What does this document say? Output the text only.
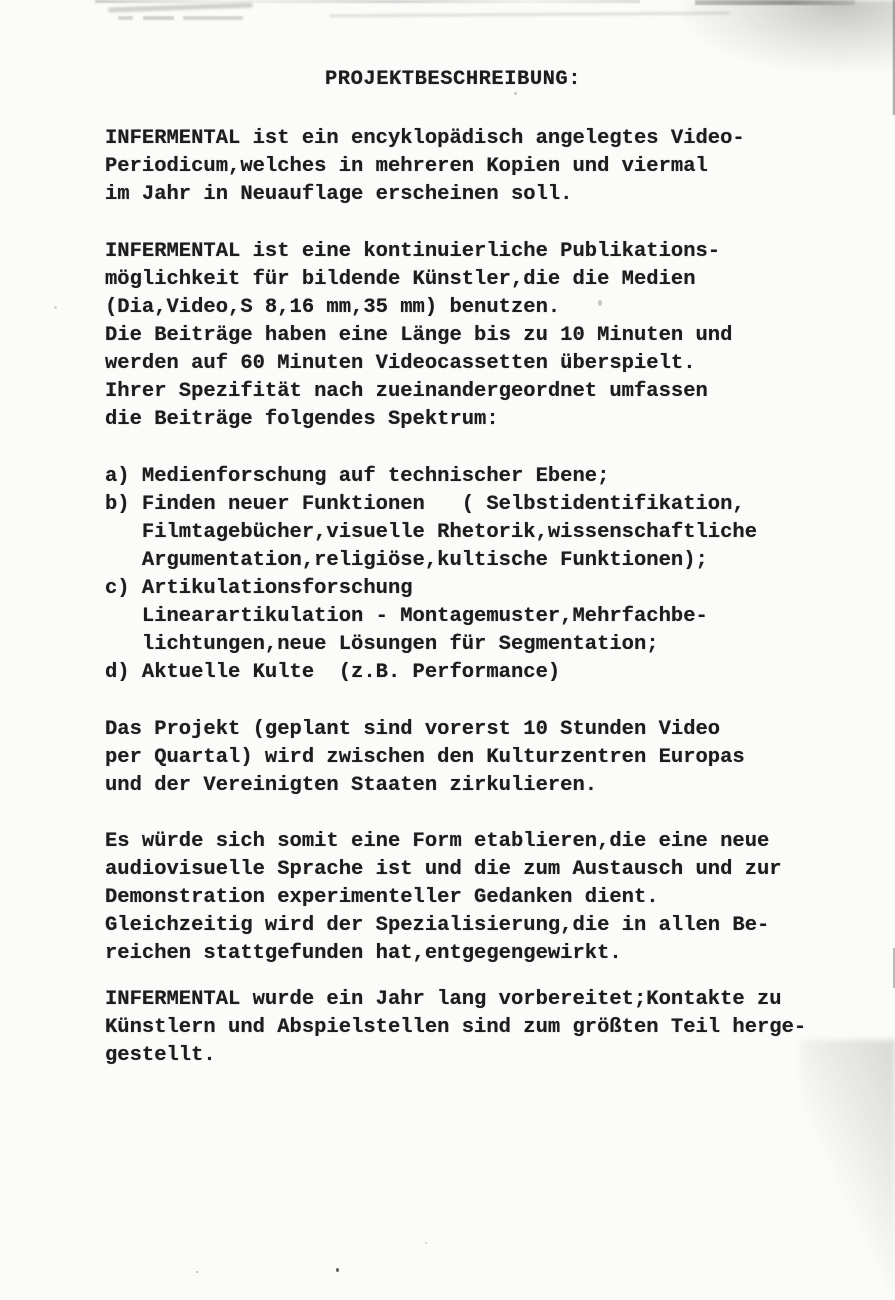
PROJEKTBESCHREIBUNG:
INFERMENTAL ist ein encyklopädisch angelegtes Video-
Periodicum,welches in mehreren Kopien und viermal
im Jahr in Neuauflage erscheinen soll.
INFERMENTAL ist eine kontinuierliche Publikations-
möglichkeit für bildende Künstler,die die Medien
(Dia,Video,S 8,16 mm,35 mm) benutzen.
Die Beiträge haben eine Länge bis zu 10 Minuten und
werden auf 60 Minuten Videocassetten überspielt.
Ihrer Spezifität nach zueinandergeordnet umfassen
die Beiträge folgendes Spektrum:
a) Medienforschung auf technischer Ebene;
b) Finden neuer Funktionen   ( Selbstidentifikation,
Filmtagebücher,visuelle Rhetorik,wissenschaftliche
Argumentation,religiöse,kultische Funktionen);
c) Artikulationsforschung
Linearartikulation - Montagemuster,Mehrfachbe-
lichtungen,neue Lösungen für Segmentation;
d) Aktuelle Kulte  (z.B. Performance)
Das Projekt (geplant sind vorerst 10 Stunden Video
per Quartal) wird zwischen den Kulturzentren Europas
und der Vereinigten Staaten zirkulieren.
Es würde sich somit eine Form etablieren,die eine neue
audiovisuelle Sprache ist und die zum Austausch und zur
Demonstration experimenteller Gedanken dient.
Gleichzeitig wird der Spezialisierung,die in allen Be-
reichen stattgefunden hat,entgegengewirkt.
INFERMENTAL wurde ein Jahr lang vorbereitet;Kontakte zu
Künstlern und Abspielstellen sind zum größten Teil herge-
gestellt.
